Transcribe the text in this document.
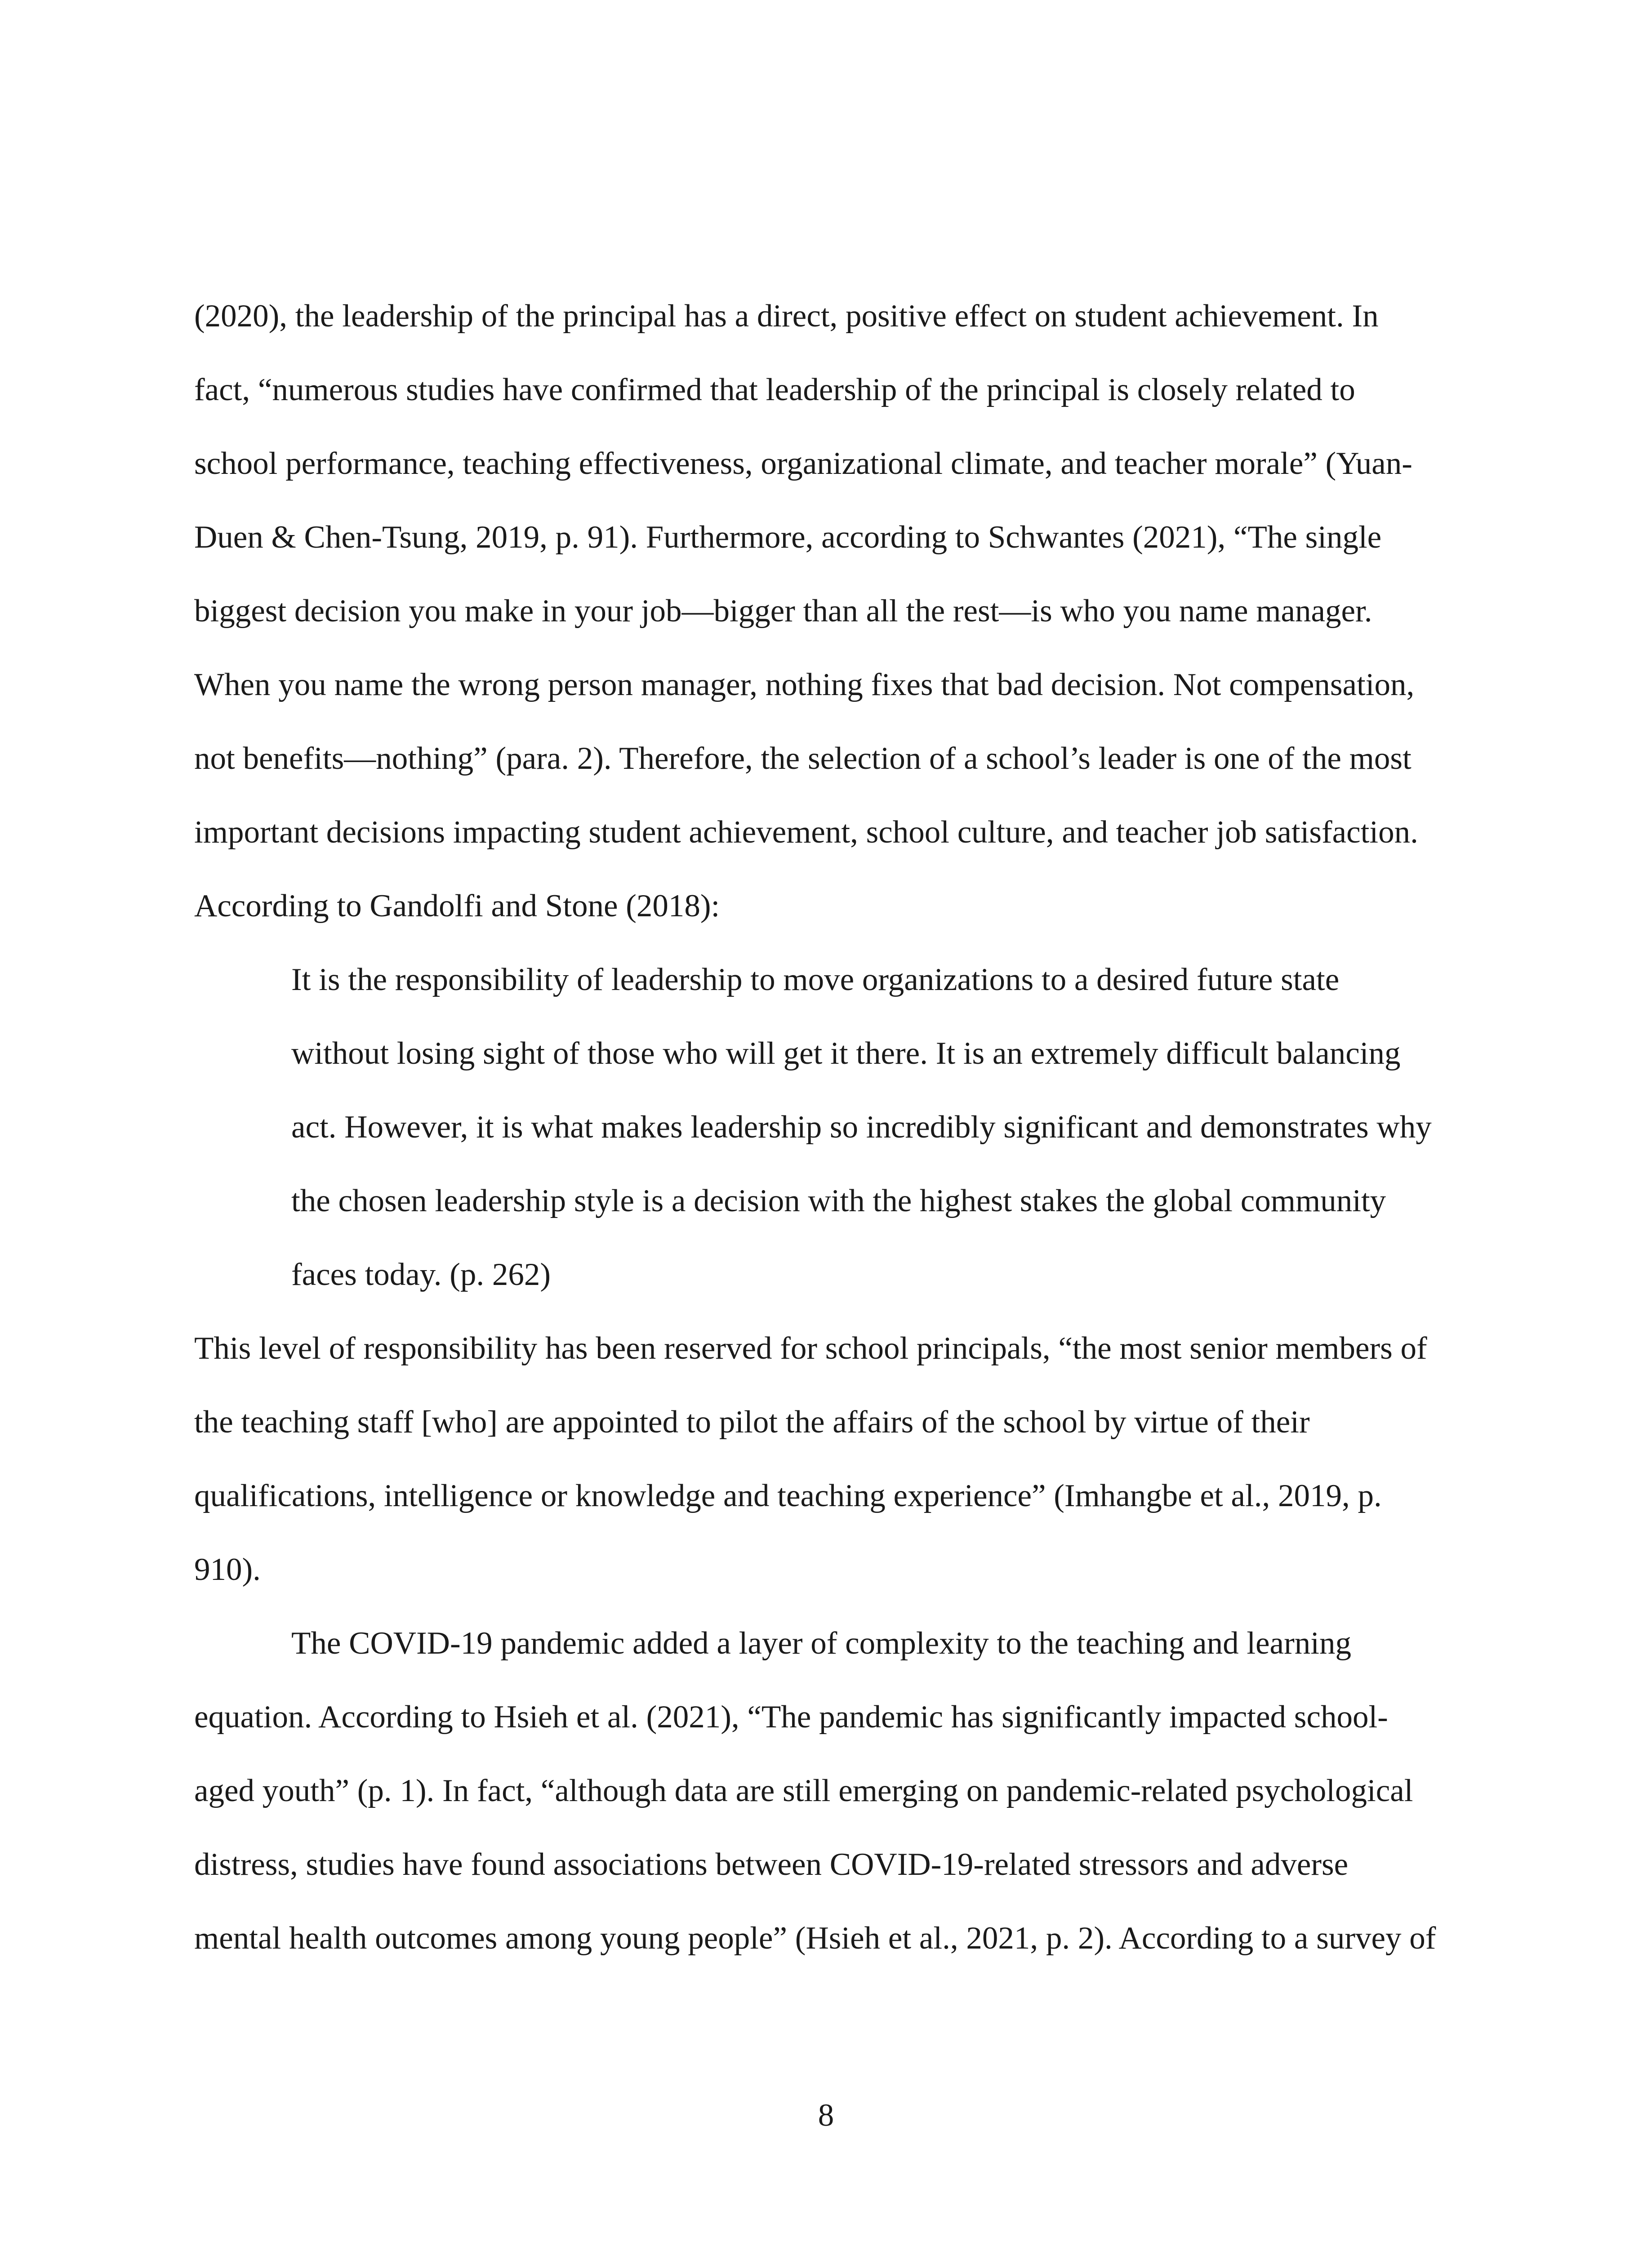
(2020), the leadership of the principal has a direct, positive effect on student achievement. In

fact, “numerous studies have confirmed that leadership of the principal is closely related to

school performance, teaching effectiveness, organizational climate, and teacher morale” (Yuan-

Duen & Chen-Tsung, 2019, p. 91). Furthermore, according to Schwantes (2021), “The single

biggest decision you make in your job—bigger than all the rest—is who you name manager.

When you name the wrong person manager, nothing fixes that bad decision. Not compensation,

not benefits—nothing” (para. 2). Therefore, the selection of a school’s leader is one of the most

important decisions impacting student achievement, school culture, and teacher job satisfaction.

According to Gandolfi and Stone (2018):

It is the responsibility of leadership to move organizations to a desired future state

without losing sight of those who will get it there. It is an extremely difficult balancing

act. However, it is what makes leadership so incredibly significant and demonstrates why

the chosen leadership style is a decision with the highest stakes the global community

faces today. (p. 262)

This level of responsibility has been reserved for school principals, “the most senior members of

the teaching staff [who] are appointed to pilot the affairs of the school by virtue of their

qualifications, intelligence or knowledge and teaching experience” (Imhangbe et al., 2019, p.

910).

The COVID-19 pandemic added a layer of complexity to the teaching and learning

equation. According to Hsieh et al. (2021), “The pandemic has significantly impacted school-

aged youth” (p. 1). In fact, “although data are still emerging on pandemic-related psychological

distress, studies have found associations between COVID-19-related stressors and adverse

mental health outcomes among young people” (Hsieh et al., 2021, p. 2). According to a survey of

8
